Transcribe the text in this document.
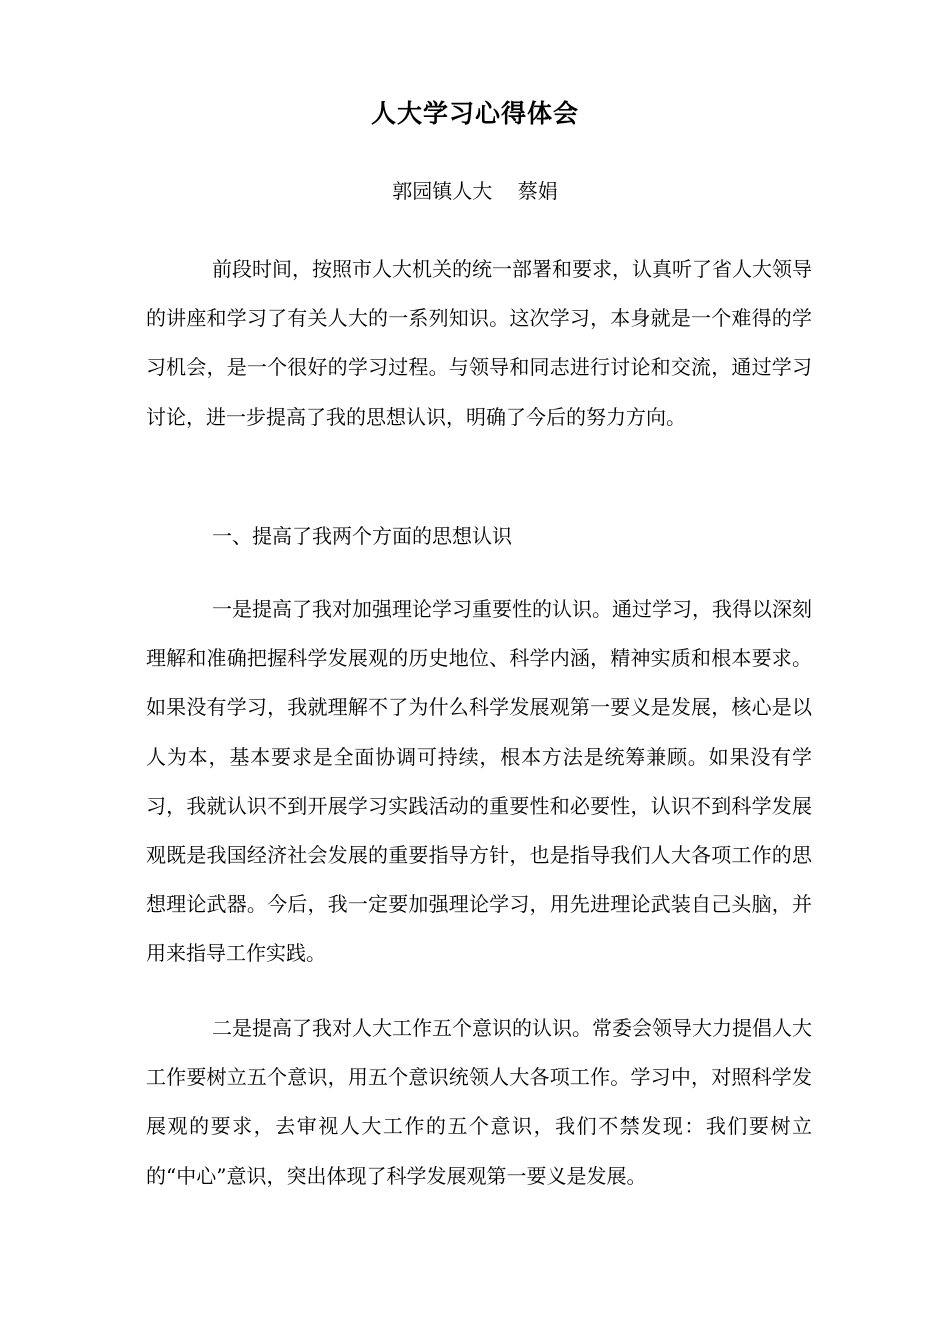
人大学习心得体会
郭园镇人大    蔡娟

前段时间，按照市人大机关的统一部署和要求，认真听了省人大领导的讲座和学习了有关人大的一系列知识。这次学习，本身就是一个难得的学习机会，是一个很好的学习过程。与领导和同志进行讨论和交流，通过学习讨论，进一步提高了我的思想认识，明确了今后的努力方向。

一、提高了我两个方面的思想认识

一是提高了我对加强理论学习重要性的认识。通过学习，我得以深刻理解和准确把握科学发展观的历史地位、科学内涵，精神实质和根本要求。如果没有学习，我就理解不了为什么科学发展观第一要义是发展，核心是以人为本，基本要求是全面协调可持续，根本方法是统筹兼顾。如果没有学习，我就认识不到开展学习实践活动的重要性和必要性，认识不到科学发展观既是我国经济社会发展的重要指导方针，也是指导我们人大各项工作的思想理论武器。今后，我一定要加强理论学习，用先进理论武装自己头脑，并用来指导工作实践。

二是提高了我对人大工作五个意识的认识。常委会领导大力提倡人大工作要树立五个意识，用五个意识统领人大各项工作。学习中，对照科学发展观的要求，去审视人大工作的五个意识，我们不禁发现：我们要树立的“中心”意识，突出体现了科学发展观第一要义是发展。
